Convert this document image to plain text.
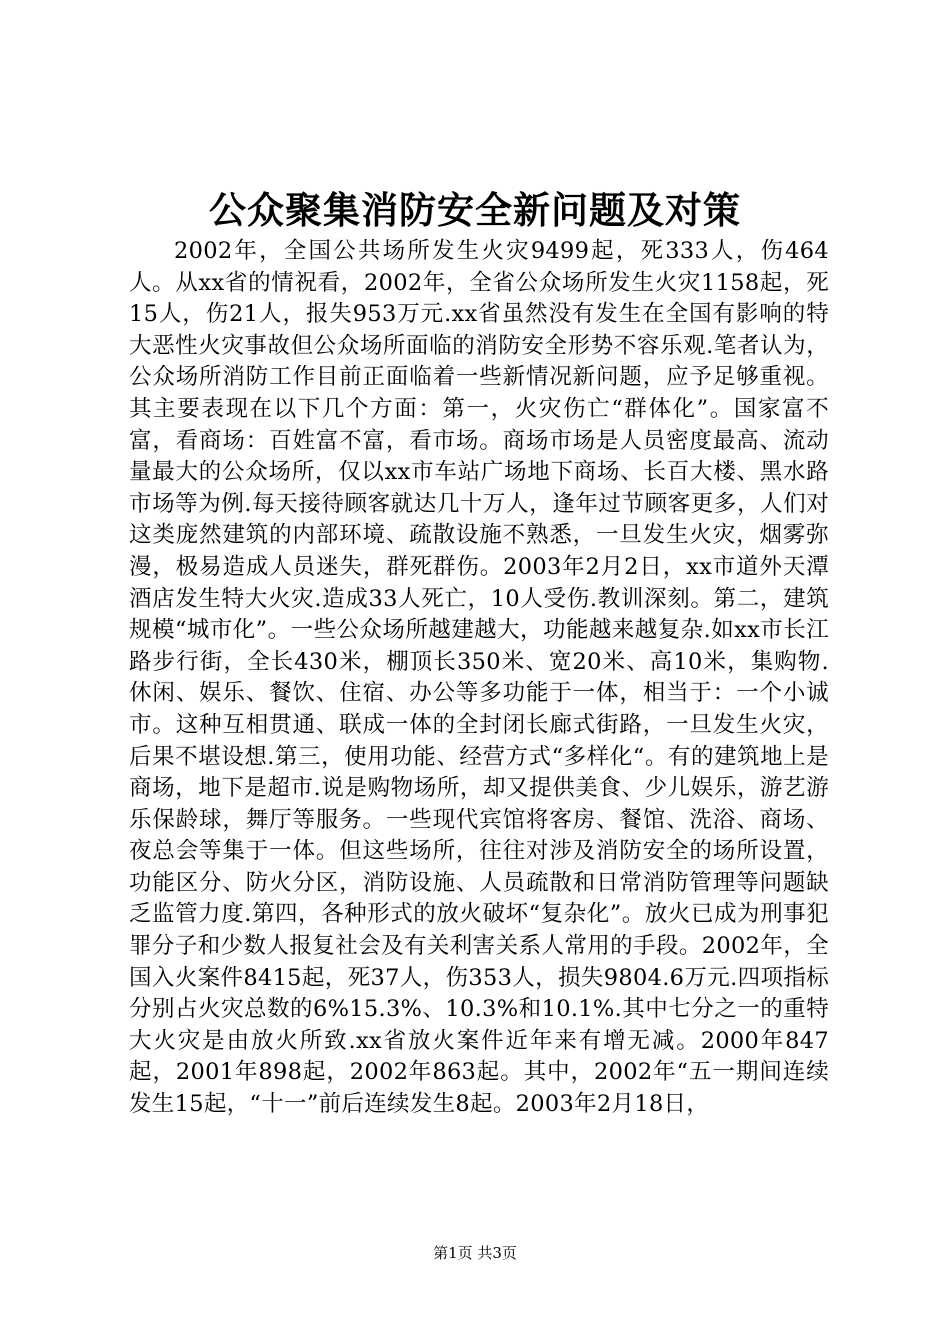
公众聚集消防安全新问题及对策

2002年，全国公共场所发生火灾9499起，死333人，伤464人。从xx省的情祝看，2002年，全省公众场所发生火灾1158起，死15人，伤21人，报失953万元.xx省虽然没有发生在全国有影响的特大恶性火灾事故但公众场所面临的消防安全形势不容乐观.笔者认为，公众场所消防工作目前正面临着一些新情况新问题，应予足够重视。其主要表现在以下几个方面：第一，火灾伤亡“群体化”。国家富不富，看商场：百姓富不富，看市场。商场市场是人员密度最高、流动量最大的公众场所，仅以xx市车站广场地下商场、长百大楼、黑水路市场等为例.每天接待顾客就达几十万人，逢年过节顾客更多，人们对这类庞然建筑的内部环境、疏散设施不熟悉，一旦发生火灾，烟雾弥漫，极易造成人员迷失，群死群伤。2003年2月2日，xx市道外天潭酒店发生特大火灾.造成33人死亡，10人受伤.教训深刻。第二，建筑规模“城市化”。一些公众场所越建越大，功能越来越复杂.如xx市长江路步行街，全长430米，棚顶长350米、宽20米、高10米，集购物.休闲、娱乐、餐饮、住宿、办公等多功能于一体，相当于：一个小诚市。这种互相贯通、联成一体的全封闭长廊式街路，一旦发生火灾，后果不堪设想.第三，使用功能、经营方式“多样化“。有的建筑地上是商场，地下是超市.说是购物场所，却又提供美食、少儿娱乐，游艺游乐保龄球，舞厅等服务。一些现代宾馆将客房、餐馆、洗浴、商场、夜总会等集于一体。但这些场所，往往对涉及消防安全的场所设置，功能区分、防火分区，消防设施、人员疏散和日常消防管理等问题缺乏监管力度.第四，各种形式的放火破坏“复杂化”。放火已成为刑事犯罪分子和少数人报复社会及有关利害关系人常用的手段。2002年，全国入火案件8415起，死37人，伤353人，损失9804.6万元.四项指标分别占火灾总数的6%15.3%、10.3%和10.1%.其中七分之一的重特大火灾是由放火所致.xx省放火案件近年来有增无减。2000年847起，2001年898起，2002年863起。其中，2002年“五一期间连续发生15起，“十一”前后连续发生8起。2003年2月18日，

第1页 共3页
